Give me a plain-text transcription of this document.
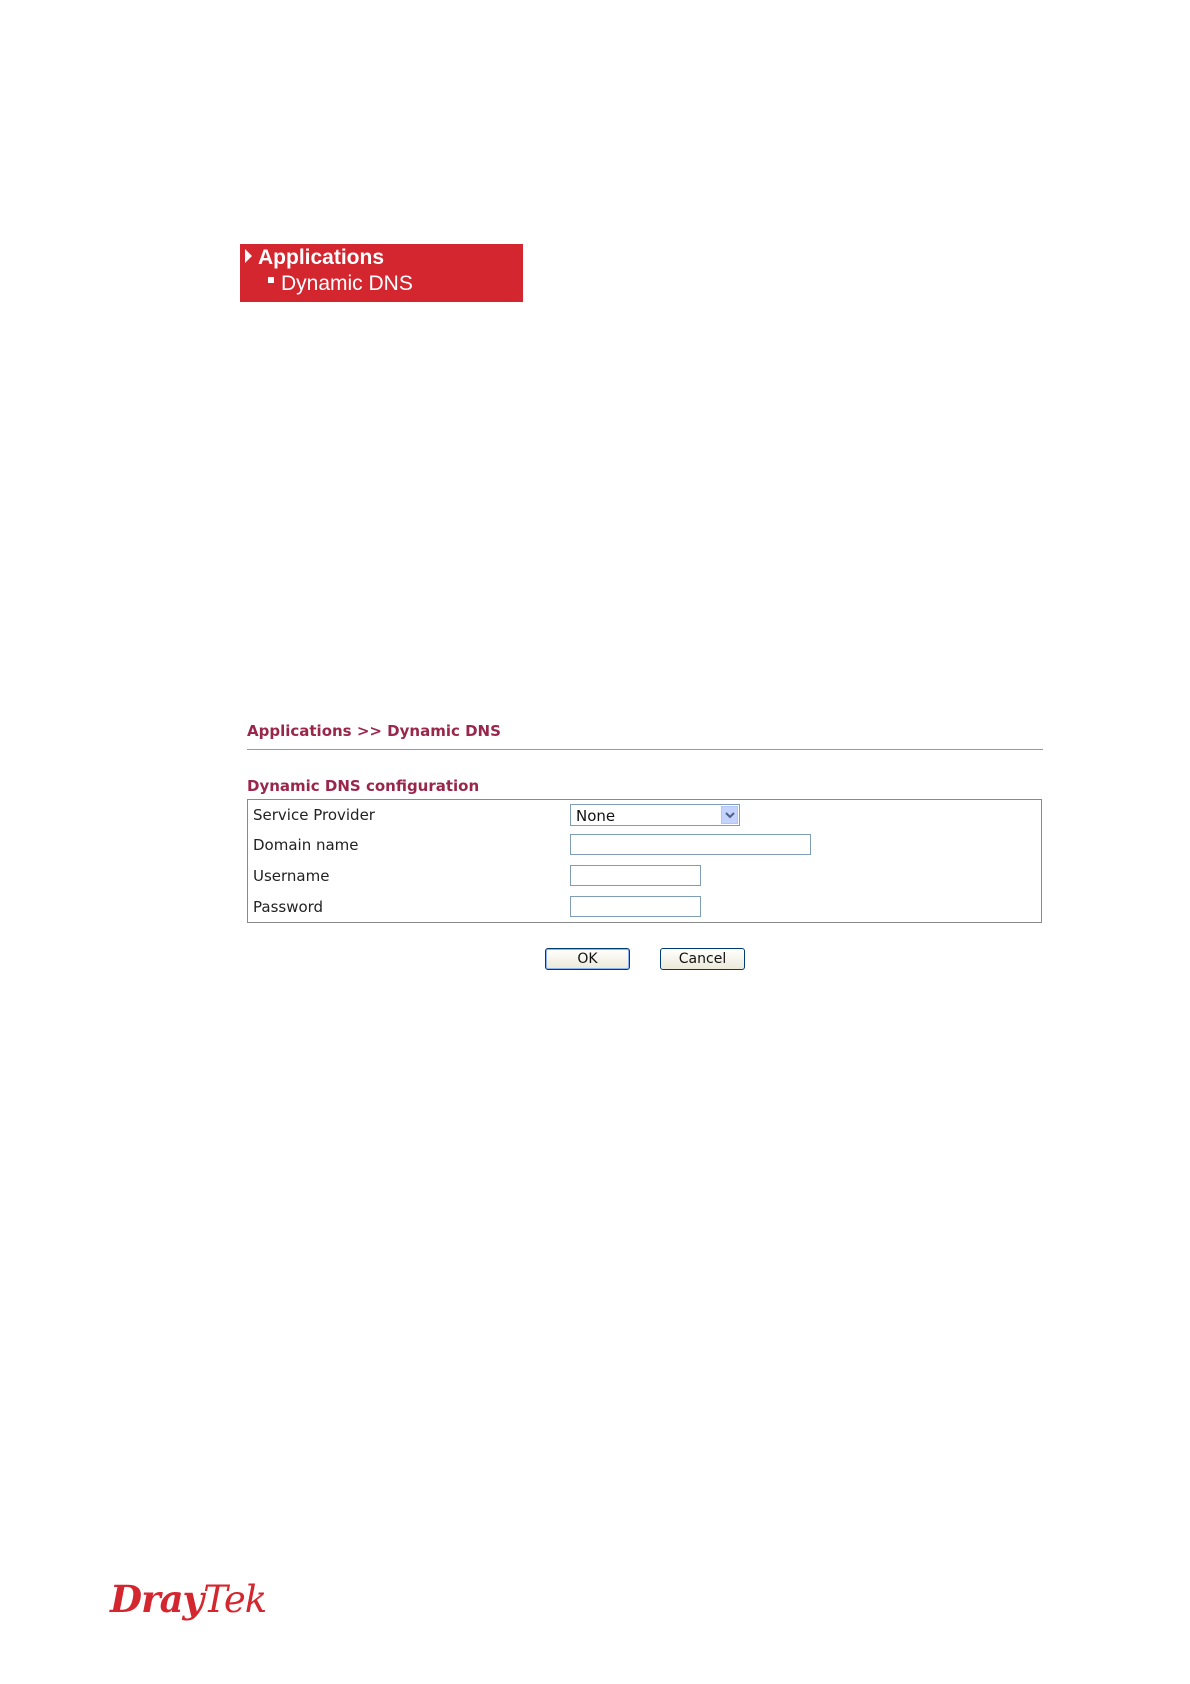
Applications
Dynamic DNS
Applications >> Dynamic DNS
Dynamic DNS configuration
Service Provider	None
Domain name
Username
Password
OK	Cancel
DrayTek
